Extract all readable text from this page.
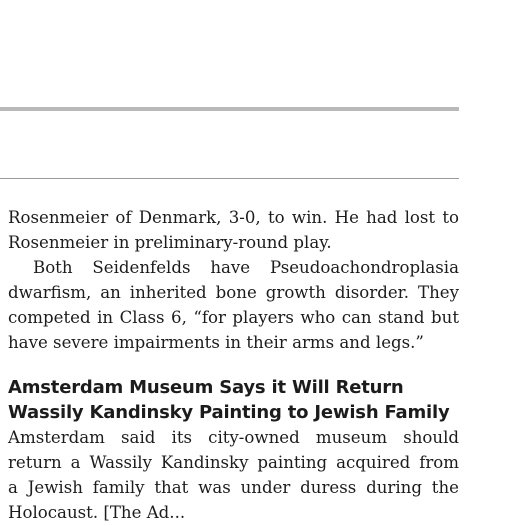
Rosenmeier of Denmark, 3-0, to win. He had lost to
Rosenmeier in preliminary-round play.

Both Seidenfelds have Pseudoachondroplasia
dwarfism, an inherited bone growth disorder. They
competed in Class 6, “for players who can stand but
have severe impairments in their arms and legs.”

Amsterdam Museum Says it Will Return
Wassily Kandinsky Painting to Jewish Family

Amsterdam said its city-owned museum should
return a Wassily Kandinsky painting acquired from
a Jewish family that was under duress during the
Holocaust. [The Ad...
